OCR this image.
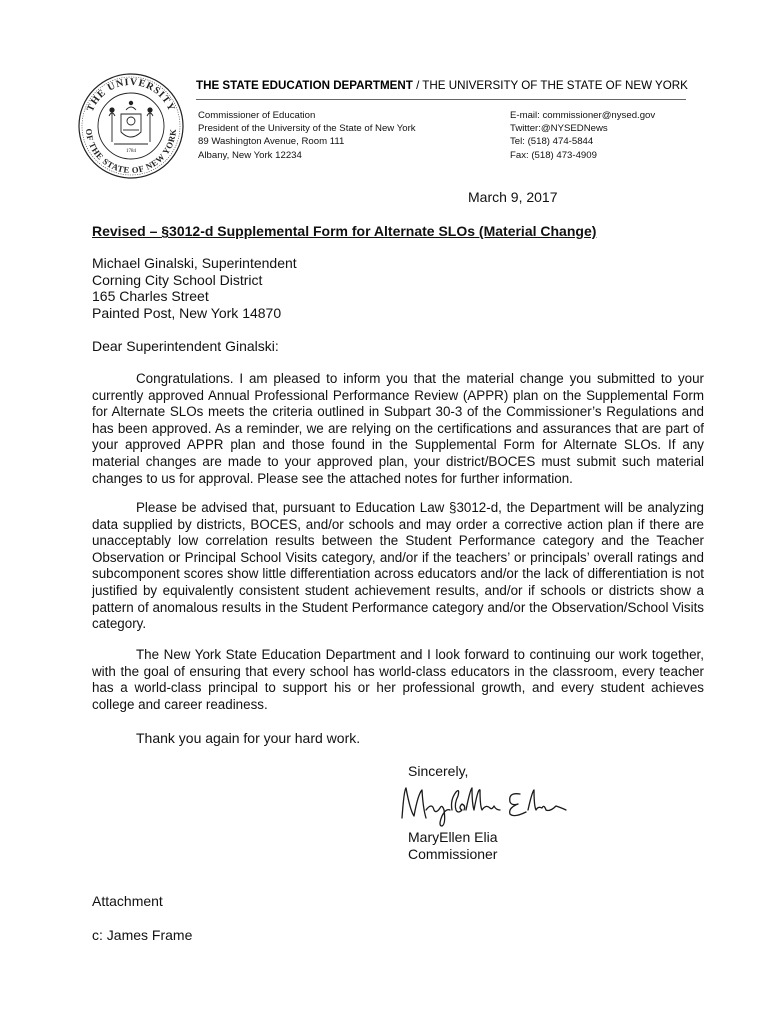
THE UNIVERSITY
OF THE STATE OF NEW YORK
1784
THE STATE EDUCATION DEPARTMENT / THE UNIVERSITY OF THE STATE OF NEW YORK
Commissioner of Education
President of the University of the State of New York
89 Washington Avenue, Room 111
Albany, New York 12234
E-mail: commissioner@nysed.gov
Twitter:@NYSEDNews
Tel: (518) 474-5844
Fax: (518) 473-4909
March 9, 2017
Revised – §3012-d Supplemental Form for Alternate SLOs (Material Change)
Michael Ginalski, Superintendent
Corning City School District
165 Charles Street
Painted Post, New York 14870
Dear Superintendent Ginalski:
Congratulations. I am pleased to inform you that the material change you submitted to your currently approved Annual Professional Performance Review (APPR) plan on the Supplemental Form for Alternate SLOs meets the criteria outlined in Subpart 30-3 of the Commissioner’s Regulations and has been approved. As a reminder, we are relying on the certifications and assurances that are part of your approved APPR plan and those found in the Supplemental Form for Alternate SLOs. If any material changes are made to your approved plan, your district/BOCES must submit such material changes to us for approval. Please see the attached notes for further information.
Please be advised that, pursuant to Education Law §3012-d, the Department will be analyzing data supplied by districts, BOCES, and/or schools and may order a corrective action plan if there are unacceptably low correlation results between the Student Performance category and the Teacher Observation or Principal School Visits category, and/or if the teachers’ or principals’ overall ratings and subcomponent scores show little differentiation across educators and/or the lack of differentiation is not justified by equivalently consistent student achievement results, and/or if schools or districts show a pattern of anomalous results in the Student Performance category and/or the Observation/School Visits category.
The New York State Education Department and I look forward to continuing our work together, with the goal of ensuring that every school has world-class educators in the classroom, every teacher has a world-class principal to support his or her professional growth, and every student achieves college and career readiness.
Thank you again for your hard work.
Sincerely,
MaryEllen Elia
Commissioner
Attachment
c: James Frame
